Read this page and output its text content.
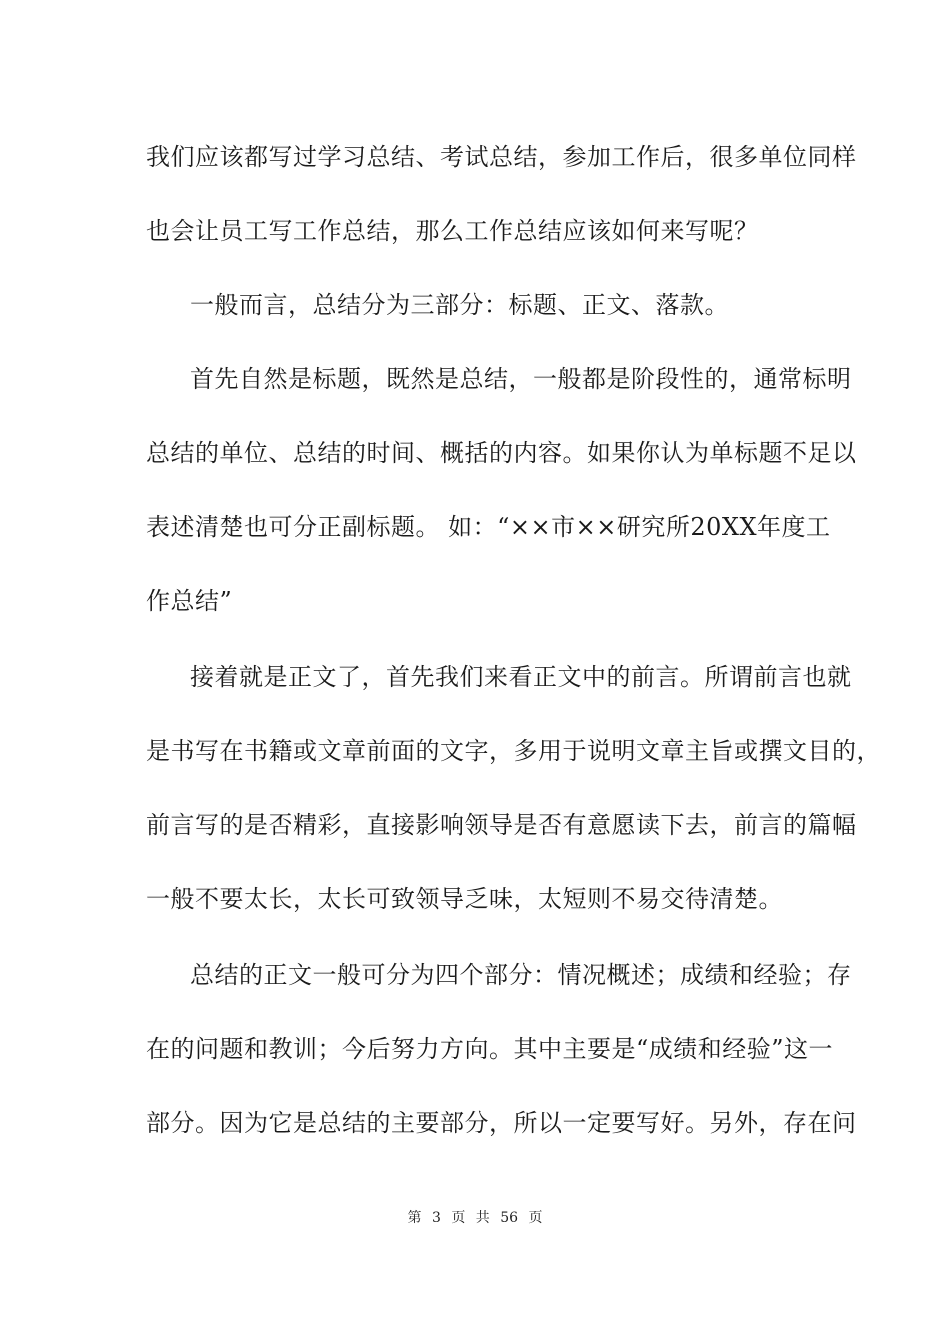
我们应该都写过学习总结、考试总结，参加工作后，很多单位同样
也会让员工写工作总结，那么工作总结应该如何来写呢？
一般而言，总结分为三部分：标题、正文、落款。
首先自然是标题，既然是总结，一般都是阶段性的，通常标明
总结的单位、总结的时间、概括的内容。如果你认为单标题不足以
表述清楚也可分正副标题。 如：“××市××研究所20XX年度工
作总结”
接着就是正文了，首先我们来看正文中的前言。所谓前言也就
是书写在书籍或文章前面的文字，多用于说明文章主旨或撰文目的，
前言写的是否精彩，直接影响领导是否有意愿读下去，前言的篇幅
一般不要太长，太长可致领导乏味，太短则不易交待清楚。
总结的正文一般可分为四个部分：情况概述；成绩和经验；存
在的问题和教训；今后努力方向。其中主要是“成绩和经验”这一
部分。因为它是总结的主要部分，所以一定要写好。另外，存在问
第 3 页 共 56 页
